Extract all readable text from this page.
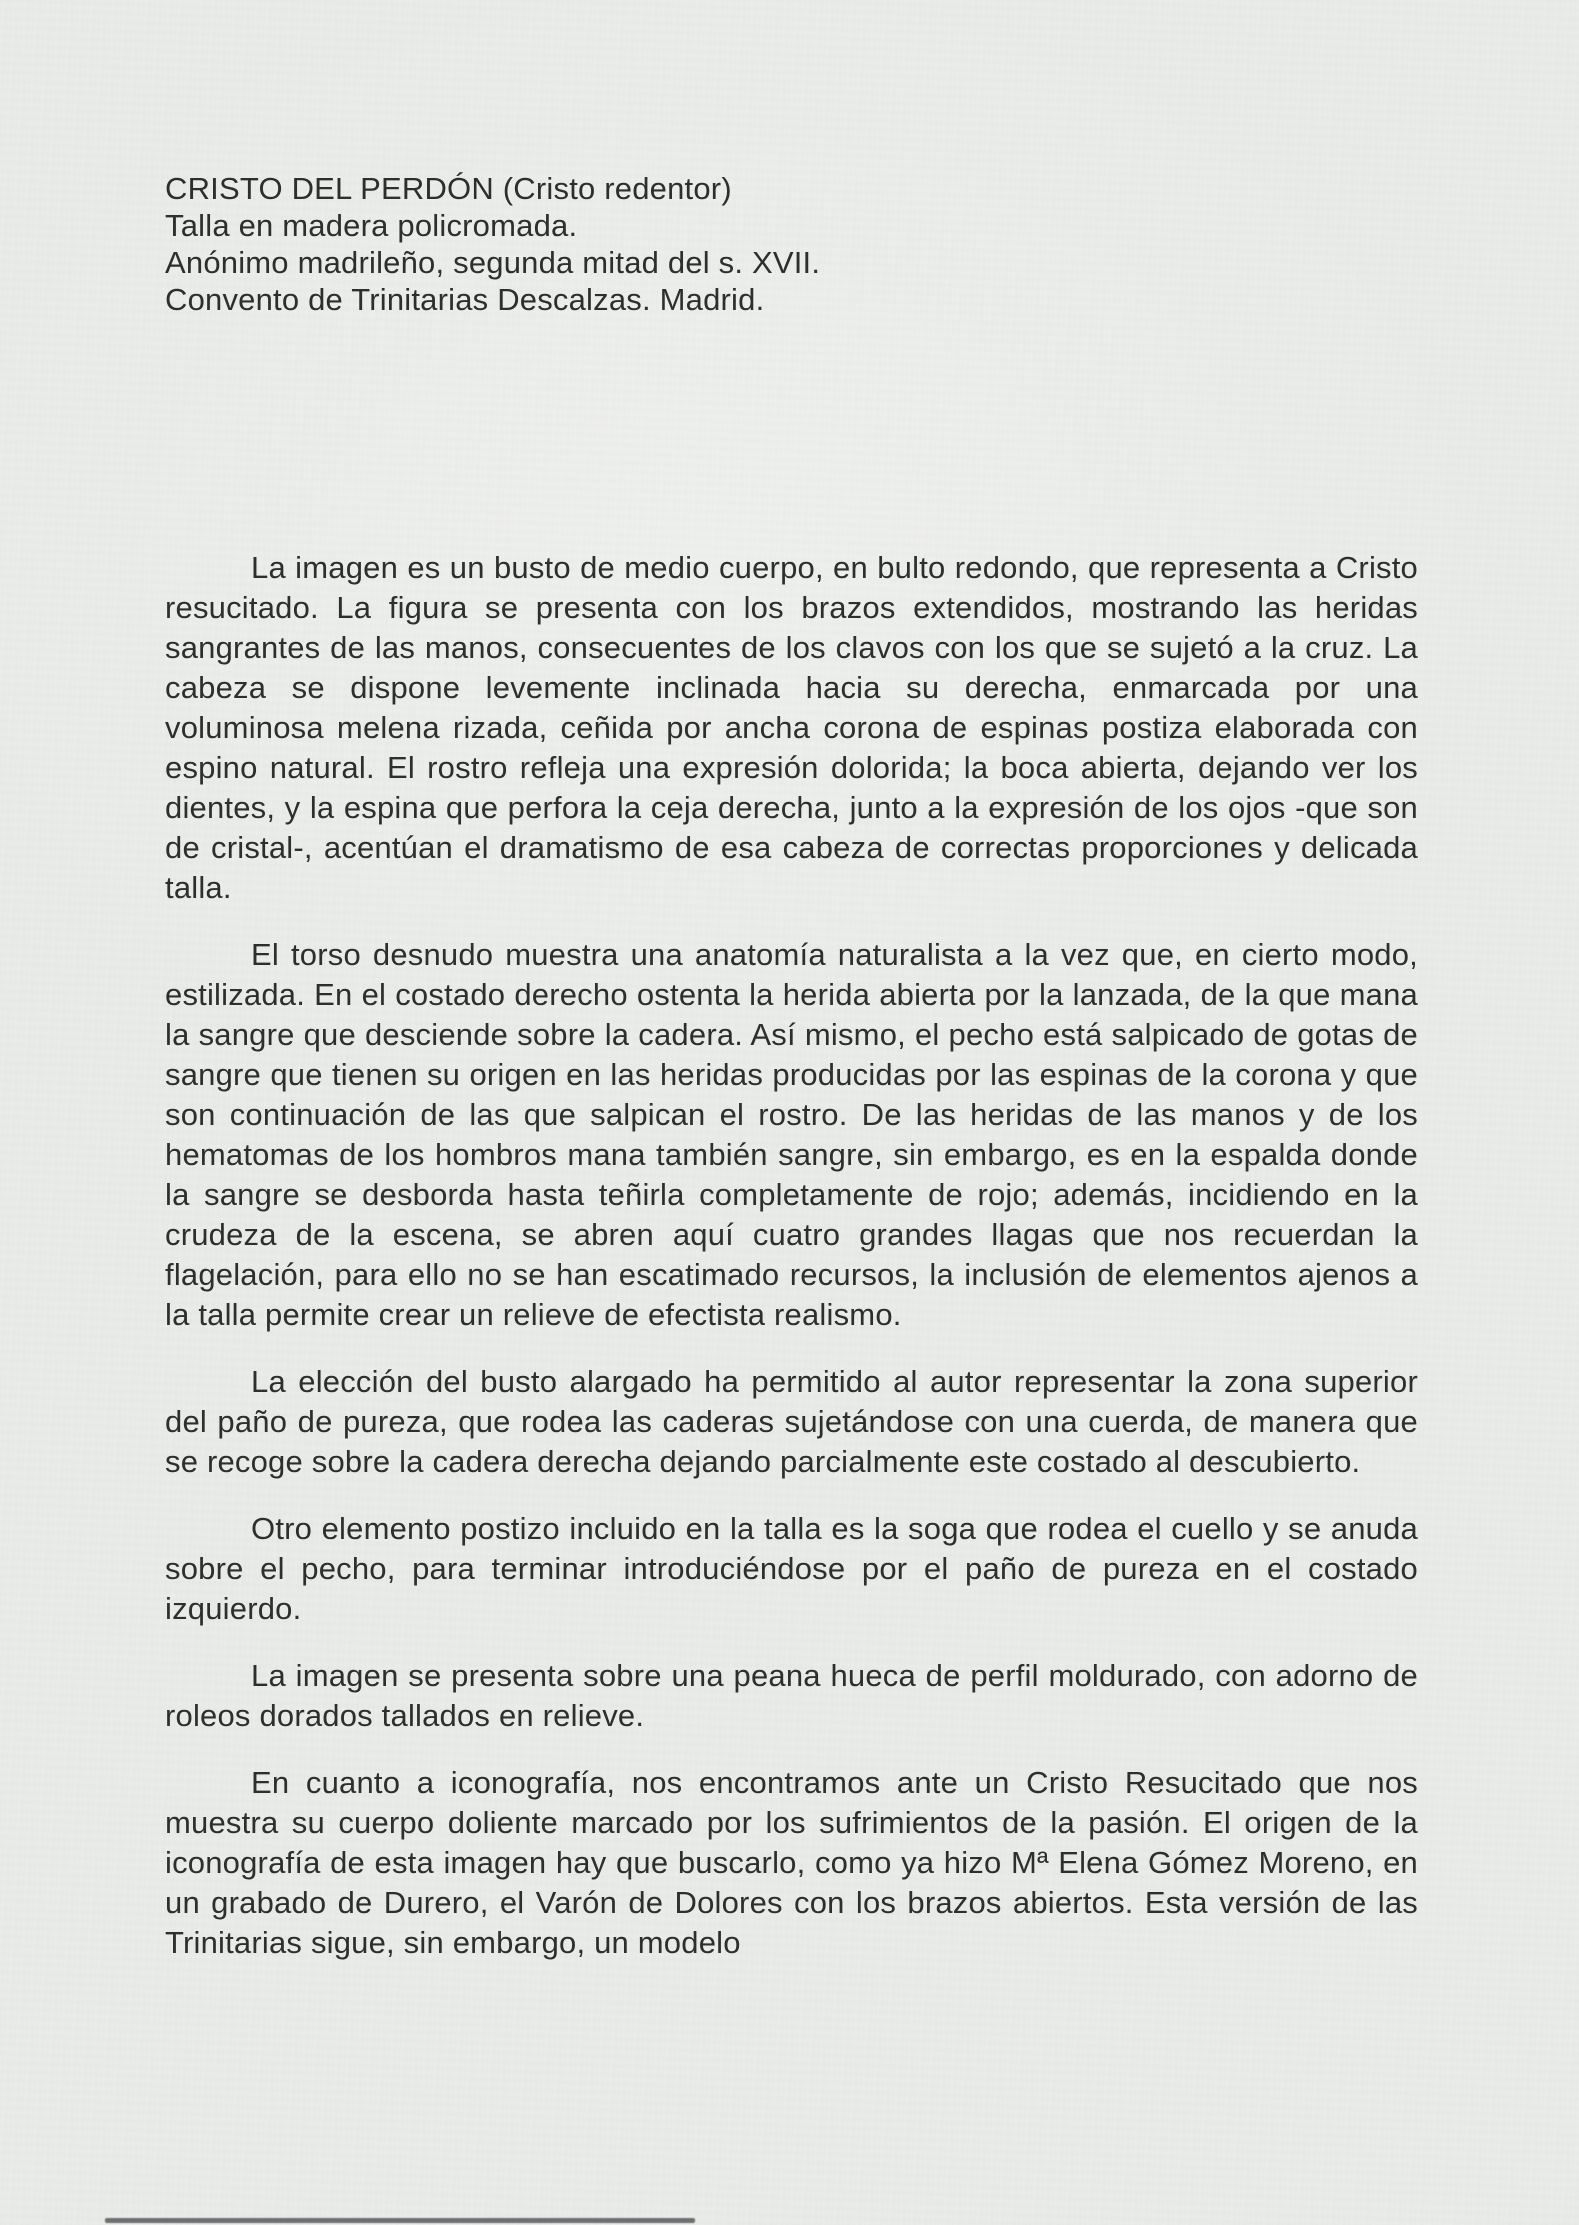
CRISTO DEL PERDÓN (Cristo redentor)
Talla en madera policromada.
Anónimo madrileño, segunda mitad del s. XVII.
Convento de Trinitarias Descalzas. Madrid.

La imagen es un busto de medio cuerpo, en bulto redondo, que representa a Cristo resucitado. La figura se presenta con los brazos extendidos, mostrando las heridas sangrantes de las manos, consecuentes de los clavos con los que se sujetó a la cruz. La cabeza se dispone levemente inclinada hacia su derecha, enmarcada por una voluminosa melena rizada, ceñida por ancha corona de espinas postiza elaborada con espino natural. El rostro refleja una expresión dolorida; la boca abierta, dejando ver los dientes, y la espina que perfora la ceja derecha, junto a la expresión de los ojos -que son de cristal-, acentúan el dramatismo de esa cabeza de correctas proporciones y delicada talla.

El torso desnudo muestra una anatomía naturalista a la vez que, en cierto modo, estilizada. En el costado derecho ostenta la herida abierta por la lanzada, de la que mana la sangre que desciende sobre la cadera. Así mismo, el pecho está salpicado de gotas de sangre que tienen su origen en las heridas producidas por las espinas de la corona y que son continuación de las que salpican el rostro. De las heridas de las manos y de los hematomas de los hombros mana también sangre, sin embargo, es en la espalda donde la sangre se desborda hasta teñirla completamente de rojo; además, incidiendo en la crudeza de la escena, se abren aquí cuatro grandes llagas que nos recuerdan la flagelación, para ello no se han escatimado recursos, la inclusión de elementos ajenos a la talla permite crear un relieve de efectista realismo.

La elección del busto alargado ha permitido al autor representar la zona superior del paño de pureza, que rodea las caderas sujetándose con una cuerda, de manera que se recoge sobre la cadera derecha dejando parcialmente este costado al descubierto.

Otro elemento postizo incluido en la talla es la soga que rodea el cuello y se anuda sobre el pecho, para terminar introduciéndose por el paño de pureza en el costado izquierdo.

La imagen se presenta sobre una peana hueca de perfil moldurado, con adorno de roleos dorados tallados en relieve.

En cuanto a iconografía, nos encontramos ante un Cristo Resucitado que nos muestra su cuerpo doliente marcado por los sufrimientos de la pasión. El origen de la iconografía de esta imagen hay que buscarlo, como ya hizo Mª Elena Gómez Moreno, en un grabado de Durero, el Varón de Dolores con los brazos abiertos. Esta versión de las Trinitarias sigue, sin embargo, un modelo
